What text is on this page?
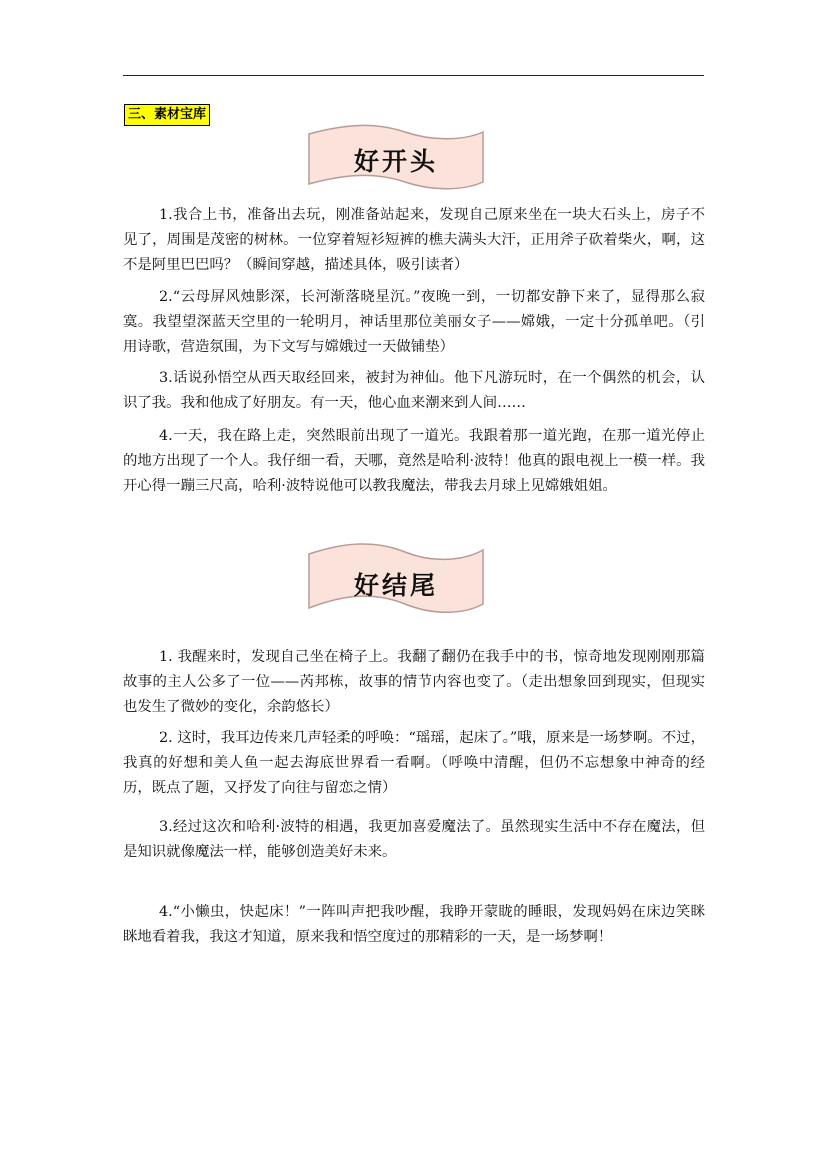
三、素材宝库
好开头

1.我合上书，准备出去玩，刚准备站起来，发现自己原来坐在一块大石头上，房子不见了，周围是茂密的树林。一位穿着短衫短裤的樵夫满头大汗，正用斧子砍着柴火，啊，这不是阿里巴巴吗？（瞬间穿越，描述具体，吸引读者）

2.“云母屏风烛影深，长河渐落晓星沉。”夜晚一到，一切都安静下来了，显得那么寂寞。我望望深蓝天空里的一轮明月，神话里那位美丽女子——嫦娥，一定十分孤单吧。（引用诗歌，营造氛围，为下文写与嫦娥过一天做铺垫）

3.话说孙悟空从西天取经回来，被封为神仙。他下凡游玩时，在一个偶然的机会，认识了我。我和他成了好朋友。有一天，他心血来潮来到人间……

4.一天，我在路上走，突然眼前出现了一道光。我跟着那一道光跑，在那一道光停止的地方出现了一个人。我仔细一看，天哪，竟然是哈利·波特！他真的跟电视上一模一样。我开心得一蹦三尺高，哈利·波特说他可以教我魔法，带我去月球上见嫦娥姐姐。

好结尾

1. 我醒来时，发现自己坐在椅子上。我翻了翻仍在我手中的书，惊奇地发现刚刚那篇故事的主人公多了一位——芮邦栋，故事的情节内容也变了。（走出想象回到现实，但现实也发生了微妙的变化，余韵悠长）

2. 这时，我耳边传来几声轻柔的呼唤：“瑶瑶，起床了。”哦，原来是一场梦啊。不过，我真的好想和美人鱼一起去海底世界看一看啊。（呼唤中清醒，但仍不忘想象中神奇的经历，既点了题，又抒发了向往与留恋之情）

3.经过这次和哈利·波特的相遇，我更加喜爱魔法了。虽然现实生活中不存在魔法，但是知识就像魔法一样，能够创造美好未来。

4.“小懒虫，快起床！”一阵叫声把我吵醒，我睁开蒙眬的睡眼，发现妈妈在床边笑眯眯地看着我，我这才知道，原来我和悟空度过的那精彩的一天，是一场梦啊！
